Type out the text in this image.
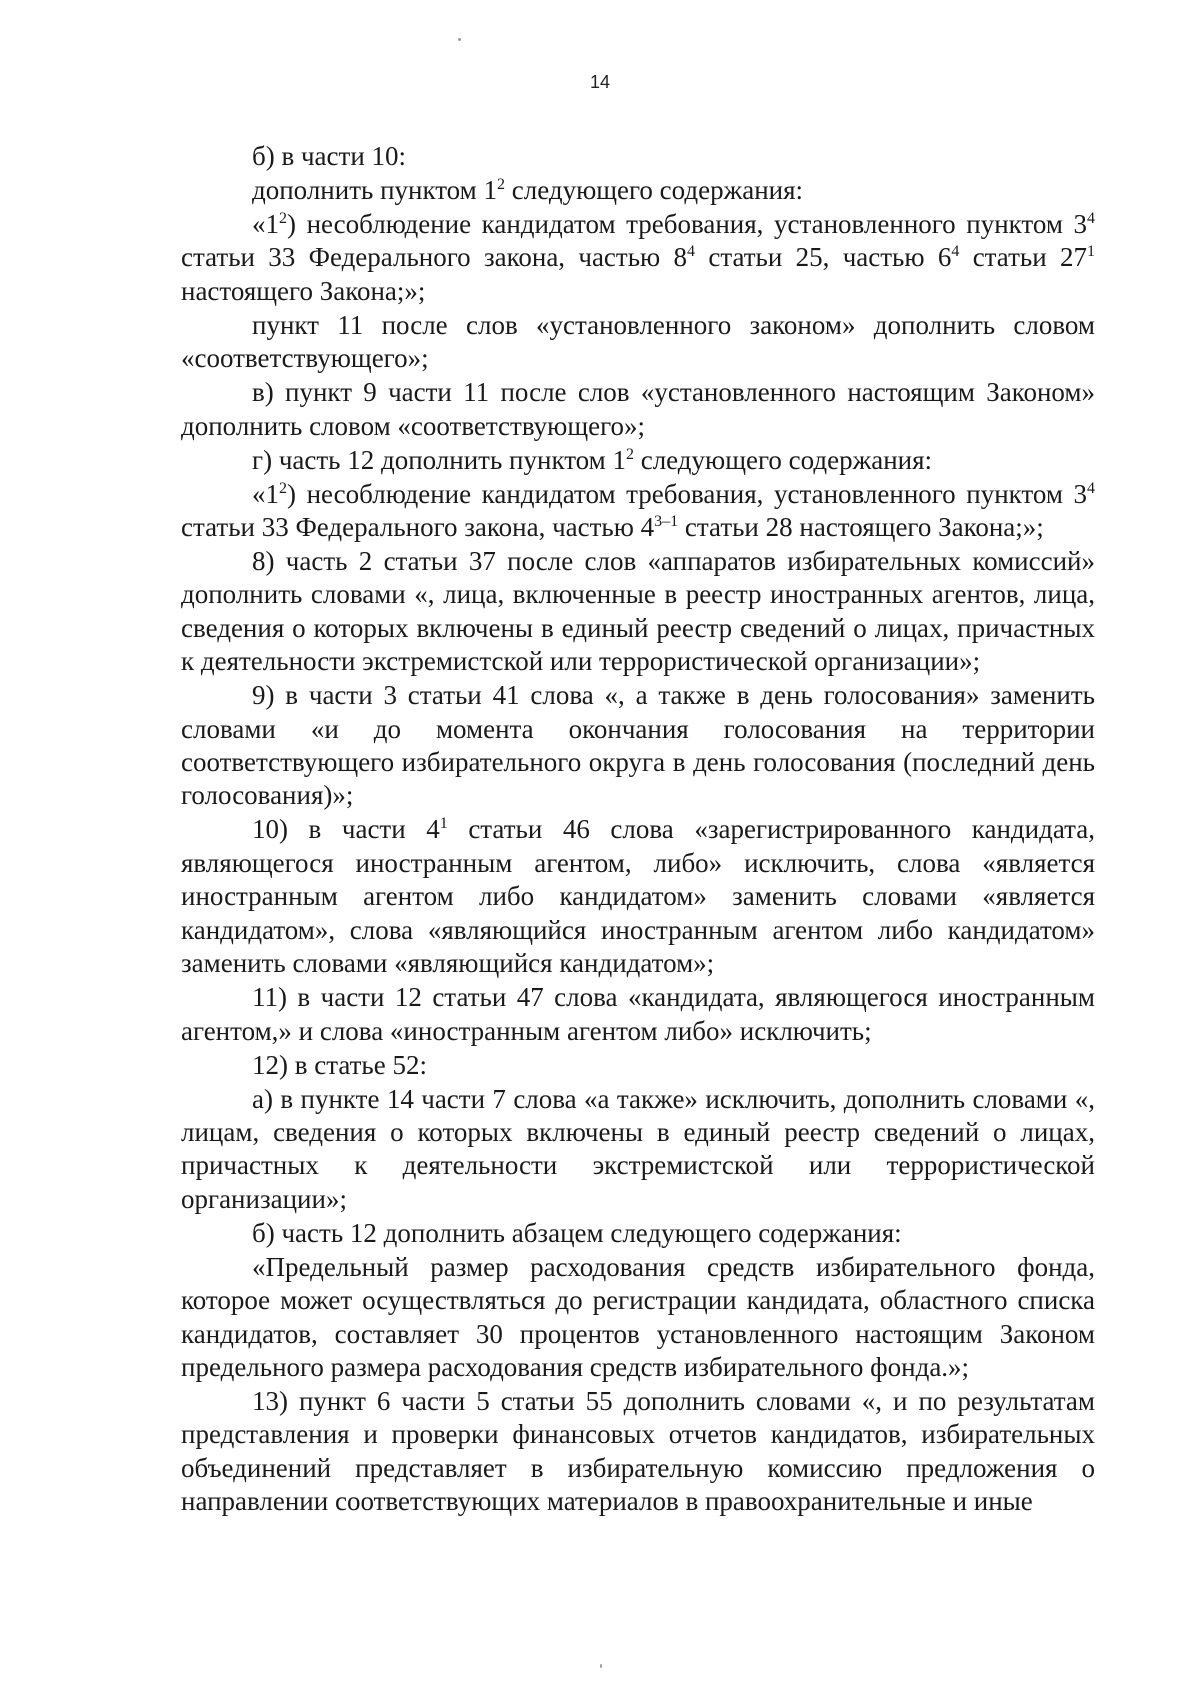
14

б) в части 10:

дополнить пунктом $1^2$ следующего содержания:

«$1^2$) несоблюдение кандидатом требования, установленного пунктом $3^4$ статьи 33 Федерального закона, частью $8^4$ статьи 25, частью $6^4$ статьи $27^1$ настоящего Закона;»;

пункт 11 после слов «установленного законом» дополнить словом «соответствующего»;

в) пункт 9 части 11 после слов «установленного настоящим Законом» дополнить словом «соответствующего»;

г) часть 12 дополнить пунктом $1^2$ следующего содержания:

«$1^2$) несоблюдение кандидатом требования, установленного пунктом $3^4$ статьи 33 Федерального закона, частью 4$^{3-1}$ статьи 28 настоящего Закона;»;

8) часть 2 статьи 37 после слов «аппаратов избирательных комиссий» дополнить словами «, лица, включенные в реестр иностранных агентов, лица, сведения о которых включены в единый реестр сведений о лицах, причастных к деятельности экстремистской или террористической организации»;

9) в части 3 статьи 41 слова «, а также в день голосования» заменить словами «и до момента окончания голосования на территории соответствующего избирательного округа в день голосования (последний день голосования)»;

10) в части $4^1$ статьи 46 слова «зарегистрированного кандидата, являющегося иностранным агентом, либо» исключить, слова «является иностранным агентом либо кандидатом» заменить словами «является кандидатом», слова «являющийся иностранным агентом либо кандидатом» заменить словами «являющийся кандидатом»;

11) в части 12 статьи 47 слова «кандидата, являющегося иностранным агентом,» и слова «иностранным агентом либо» исключить;

12) в статье 52:

а) в пункте 14 части 7 слова «а также» исключить, дополнить словами «, лицам, сведения о которых включены в единый реестр сведений о лицах, причастных к деятельности экстремистской или террористической организации»;

б) часть 12 дополнить абзацем следующего содержания:

«Предельный размер расходования средств избирательного фонда, которое может осуществляться до регистрации кандидата, областного списка кандидатов, составляет 30 процентов установленного настоящим Законом предельного размера расходования средств избирательного фонда.»;

13) пункт 6 части 5 статьи 55 дополнить словами «, и по результатам представления и проверки финансовых отчетов кандидатов, избирательных объединений представляет в избирательную комиссию предложения о направлении соответствующих материалов в правоохранительные и иные
